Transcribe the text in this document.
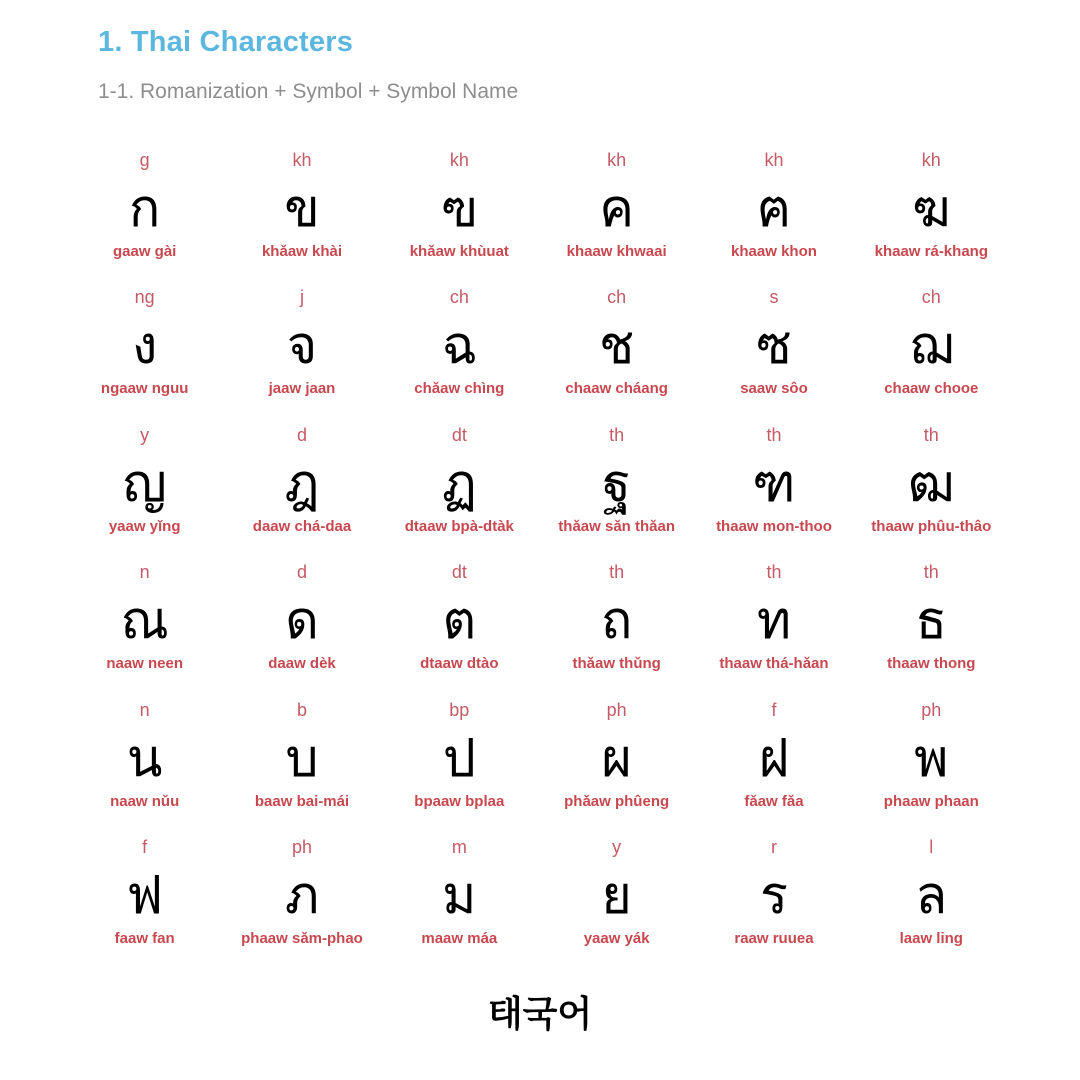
1. Thai Characters

1-1. Romanization + Symbol + Symbol Name

g
ก
gaaw gài
kh
ข
khǎaw khài
kh
ฃ
khǎaw khùuat
kh
ค
khaaw khwaai
kh
ฅ
khaaw khon
kh
ฆ
khaaw rá-khang
ng
ง
ngaaw nguu
j
จ
jaaw jaan
ch
ฉ
chǎaw chìng
ch
ช
chaaw cháang
s
ซ
saaw sôo
ch
ฌ
chaaw chooe
y
ญ
yaaw yǐng
d
ฎ
daaw chá-daa
dt
ฏ
dtaaw bpà-dtàk
th
ฐ
thǎaw sǎn thǎan
th
ฑ
thaaw mon-thoo
th
ฒ
thaaw phûu-thâo
n
ณ
naaw neen
d
ด
daaw dèk
dt
ต
dtaaw dtào
th
ถ
thǎaw thǔng
th
ท
thaaw thá-hǎan
th
ธ
thaaw thong
n
น
naaw nǔu
b
บ
baaw bai-mái
bp
ป
bpaaw bplaa
ph
ผ
phǎaw phûeng
f
ฝ
fǎaw fǎa
ph
พ
phaaw phaan
f
ฟ
faaw fan
ph
ภ
phaaw sǎm-phao
m
ม
maaw máa
y
ย
yaaw yák
r
ร
raaw ruuea
l
ล
laaw ling

태국어
